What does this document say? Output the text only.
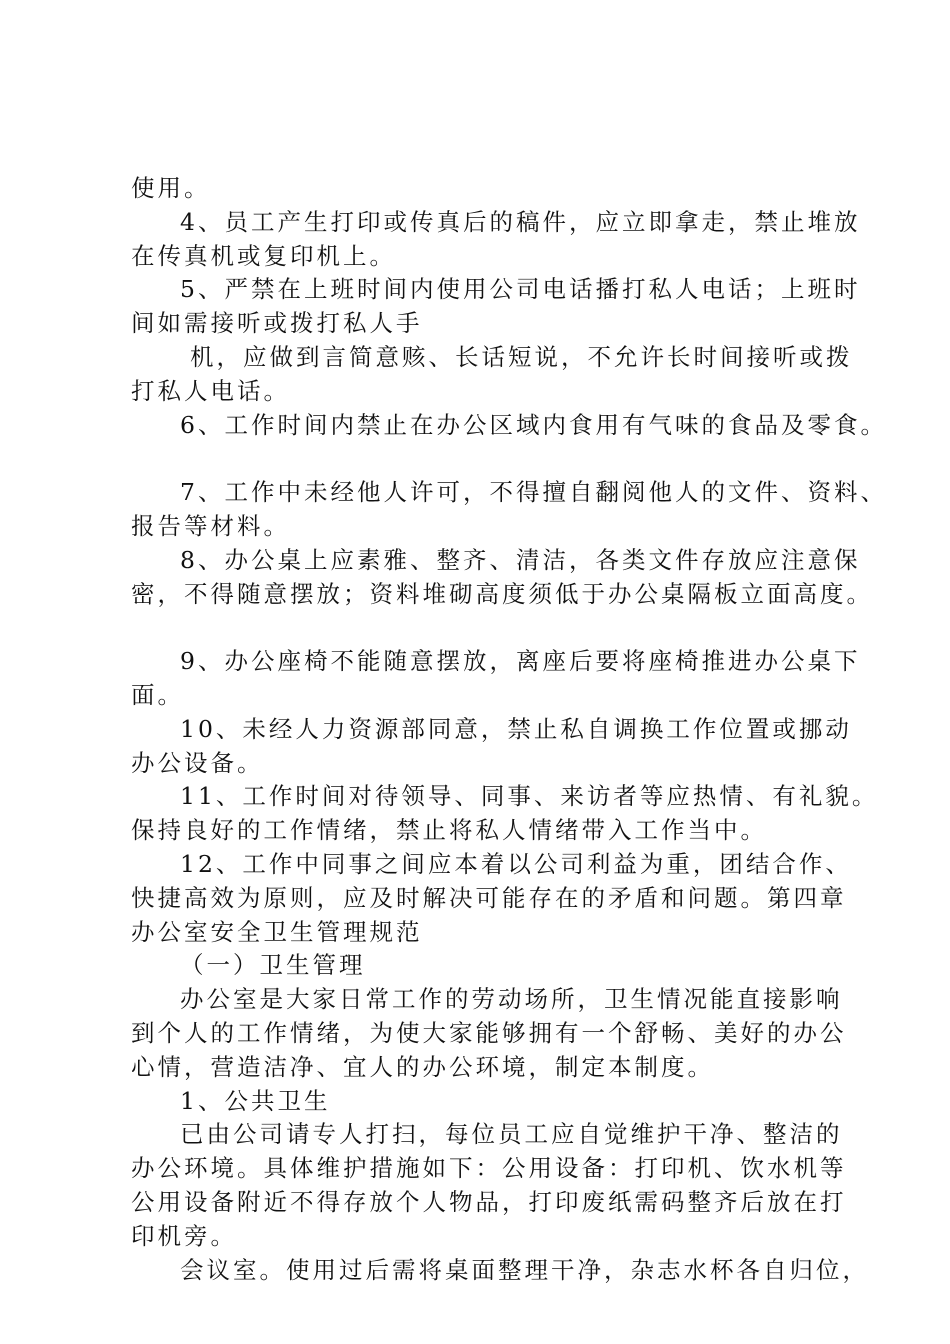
使用。
4、员工产生打印或传真后的稿件，应立即拿走，禁止堆放
在传真机或复印机上。
5、严禁在上班时间内使用公司电话播打私人电话；上班时
间如需接听或拨打私人手
机，应做到言简意赅、长话短说，不允许长时间接听或拨
打私人电话。
6、工作时间内禁止在办公区域内食用有气味的食品及零食。
7、工作中未经他人许可，不得擅自翻阅他人的文件、资料、
报告等材料。
8、办公桌上应素雅、整齐、清洁，各类文件存放应注意保
密，不得随意摆放；资料堆砌高度须低于办公桌隔板立面高度。
9、办公座椅不能随意摆放，离座后要将座椅推进办公桌下
面。
10、未经人力资源部同意，禁止私自调换工作位置或挪动
办公设备。
11、工作时间对待领导、同事、来访者等应热情、有礼貌。
保持良好的工作情绪，禁止将私人情绪带入工作当中。
12、工作中同事之间应本着以公司利益为重，团结合作、
快捷高效为原则，应及时解决可能存在的矛盾和问题。第四章
办公室安全卫生管理规范
（一）卫生管理
办公室是大家日常工作的劳动场所，卫生情况能直接影响
到个人的工作情绪，为使大家能够拥有一个舒畅、美好的办公
心情，营造洁净、宜人的办公环境，制定本制度。
1、公共卫生
已由公司请专人打扫，每位员工应自觉维护干净、整洁的
办公环境。具体维护措施如下：公用设备：打印机、饮水机等
公用设备附近不得存放个人物品，打印废纸需码整齐后放在打
印机旁。
会议室。使用过后需将桌面整理干净，杂志水杯各自归位，
